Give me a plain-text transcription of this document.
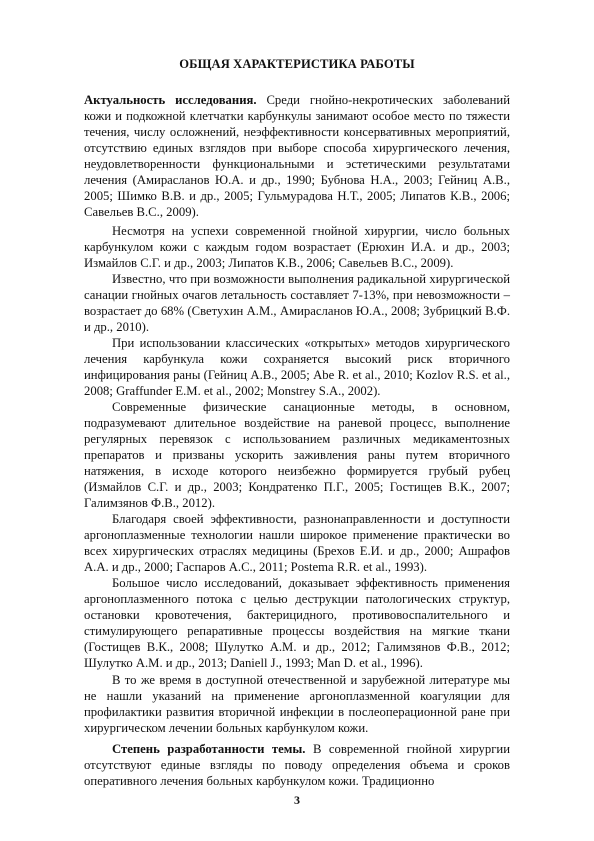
ОБЩАЯ ХАРАКТЕРИСТИКА РАБОТЫ

Актуальность исследования. Среди гнойно-некротических заболеваний кожи и подкожной клетчатки карбункулы занимают особое место по тяжести течения, числу осложнений, неэффективности консервативных мероприятий, отсутствию единых взглядов при выборе способа хирургического лечения, неудовлетворенности функциональными и эстетическими результатами лечения (Амирасланов Ю.А. и др., 1990; Бубнова Н.А., 2003; Гейниц А.В., 2005; Шимко В.В. и др., 2005; Гульмурадова Н.Т., 2005; Липатов К.В., 2006; Савельев В.С., 2009).

Несмотря на успехи современной гнойной хирургии, число больных карбункулом кожи с каждым годом возрастает (Ерюхин И.А. и др., 2003; Измайлов С.Г. и др., 2003; Липатов К.В., 2006; Савельев В.С., 2009).

Известно, что при возможности выполнения радикальной хирургической санации гнойных очагов летальность составляет 7-13%, при невозможности – возрастает до 68% (Светухин А.М., Амирасланов Ю.А., 2008; Зубрицкий В.Ф. и др., 2010).

При использовании классических «открытых» методов хирургического лечения карбункула кожи сохраняется высокий риск вторичного инфицирования раны (Гейниц А.В., 2005; Abe R. et al., 2010; Kozlov R.S. et al., 2008; Graffunder E.M. et al., 2002; Monstrey S.A., 2002).

Современные физические санационные методы, в основном, подразумевают длительное воздействие на раневой процесс, выполнение регулярных перевязок с использованием различных медикаментозных препаратов и призваны ускорить заживления раны путем вторичного натяжения, в исходе которого неизбежно формируется грубый рубец (Измайлов С.Г. и др., 2003; Кондратенко П.Г., 2005; Гостищев В.К., 2007; Галимзянов Ф.В., 2012).

Благодаря своей эффективности, разнонаправленности и доступности аргоноплазменные технологии нашли широкое применение практически во всех хирургических отраслях медицины (Брехов Е.И. и др., 2000; Ашрафов А.А. и др., 2000; Гаспаров А.С., 2011; Postema R.R. et al., 1993).

Большое число исследований, доказывает эффективность применения аргоноплазменного потока с целью деструкции патологических структур, остановки кровотечения, бактерицидного, противовоспалительного и стимулирующего репаративные процессы воздействия на мягкие ткани (Гостищев В.К., 2008; Шулутко А.М. и др., 2012; Галимзянов Ф.В., 2012; Шулутко А.М. и др., 2013; Daniell J., 1993; Man D. et al., 1996).

В то же время в доступной отечественной и зарубежной литературе мы не нашли указаний на применение аргоноплазменной коагуляции для профилактики развития вторичной инфекции в послеоперационной ране при хирургическом лечении больных карбункулом кожи.

Степень разработанности темы. В современной гнойной хирургии отсутствуют единые взгляды по поводу определения объема и сроков оперативного лечения больных карбункулом кожи. Традиционно

3
